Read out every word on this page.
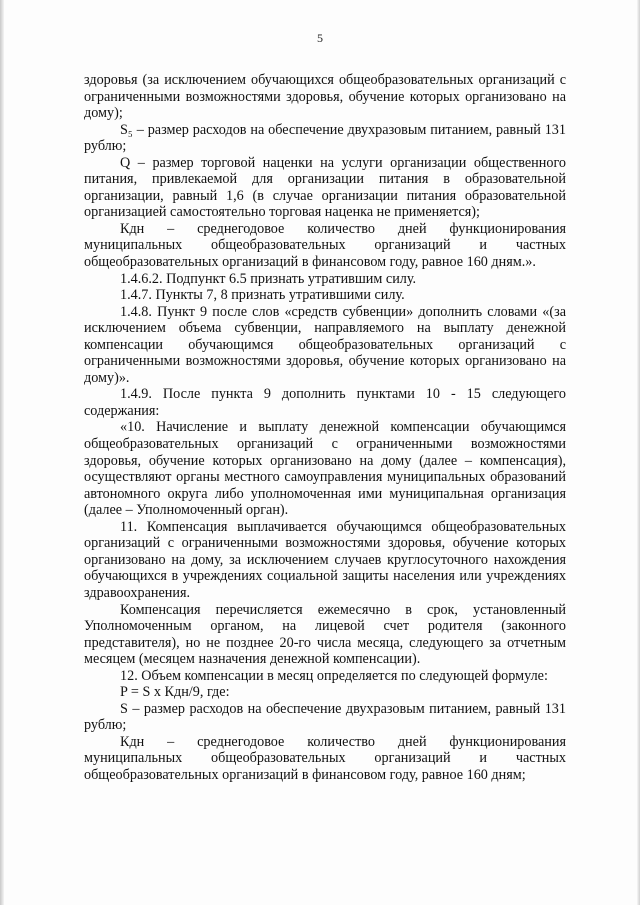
5

здоровья (за исключением обучающихся общеобразовательных организаций с ограниченными возможностями здоровья, обучение которых организовано на дому);

S₅ – размер расходов на обеспечение двухразовым питанием, равный 131 рублю;

Q – размер торговой наценки на услуги организации общественного питания, привлекаемой для организации питания в образовательной организации, равный 1,6 (в случае организации питания образовательной организацией самостоятельно торговая наценка не применяется);

Кдн – среднегодовое количество дней функционирования муниципальных общеобразовательных организаций и частных общеобразовательных организаций в финансовом году, равное 160 дням.».

1.4.6.2. Подпункт 6.5 признать утратившим силу.

1.4.7. Пункты 7, 8 признать утратившими силу.

1.4.8. Пункт 9 после слов «средств субвенции» дополнить словами «(за исключением объема субвенции, направляемого на выплату денежной компенсации обучающимся общеобразовательных организаций с ограниченными возможностями здоровья, обучение которых организовано на дому)».

1.4.9. После пункта 9 дополнить пунктами 10 - 15 следующего содержания:

«10. Начисление и выплату денежной компенсации обучающимся общеобразовательных организаций с ограниченными возможностями здоровья, обучение которых организовано на дому (далее – компенсация), осуществляют органы местного самоуправления муниципальных образований автономного округа либо уполномоченная ими муниципальная организация (далее – Уполномоченный орган).

11. Компенсация выплачивается обучающимся общеобразовательных организаций с ограниченными возможностями здоровья, обучение которых организовано на дому, за исключением случаев круглосуточного нахождения обучающихся в учреждениях социальной защиты населения или учреждениях здравоохранения.

Компенсация перечисляется ежемесячно в срок, установленный Уполномоченным органом, на лицевой счет родителя (законного представителя), но не позднее 20-го числа месяца, следующего за отчетным месяцем (месяцем назначения денежной компенсации).

12. Объем компенсации в месяц определяется по следующей формуле:

P = S x Кдн/9, где:

S – размер расходов на обеспечение двухразовым питанием, равный 131 рублю;

Кдн – среднегодовое количество дней функционирования муниципальных общеобразовательных организаций и частных общеобразовательных организаций в финансовом году, равное 160 дням;
